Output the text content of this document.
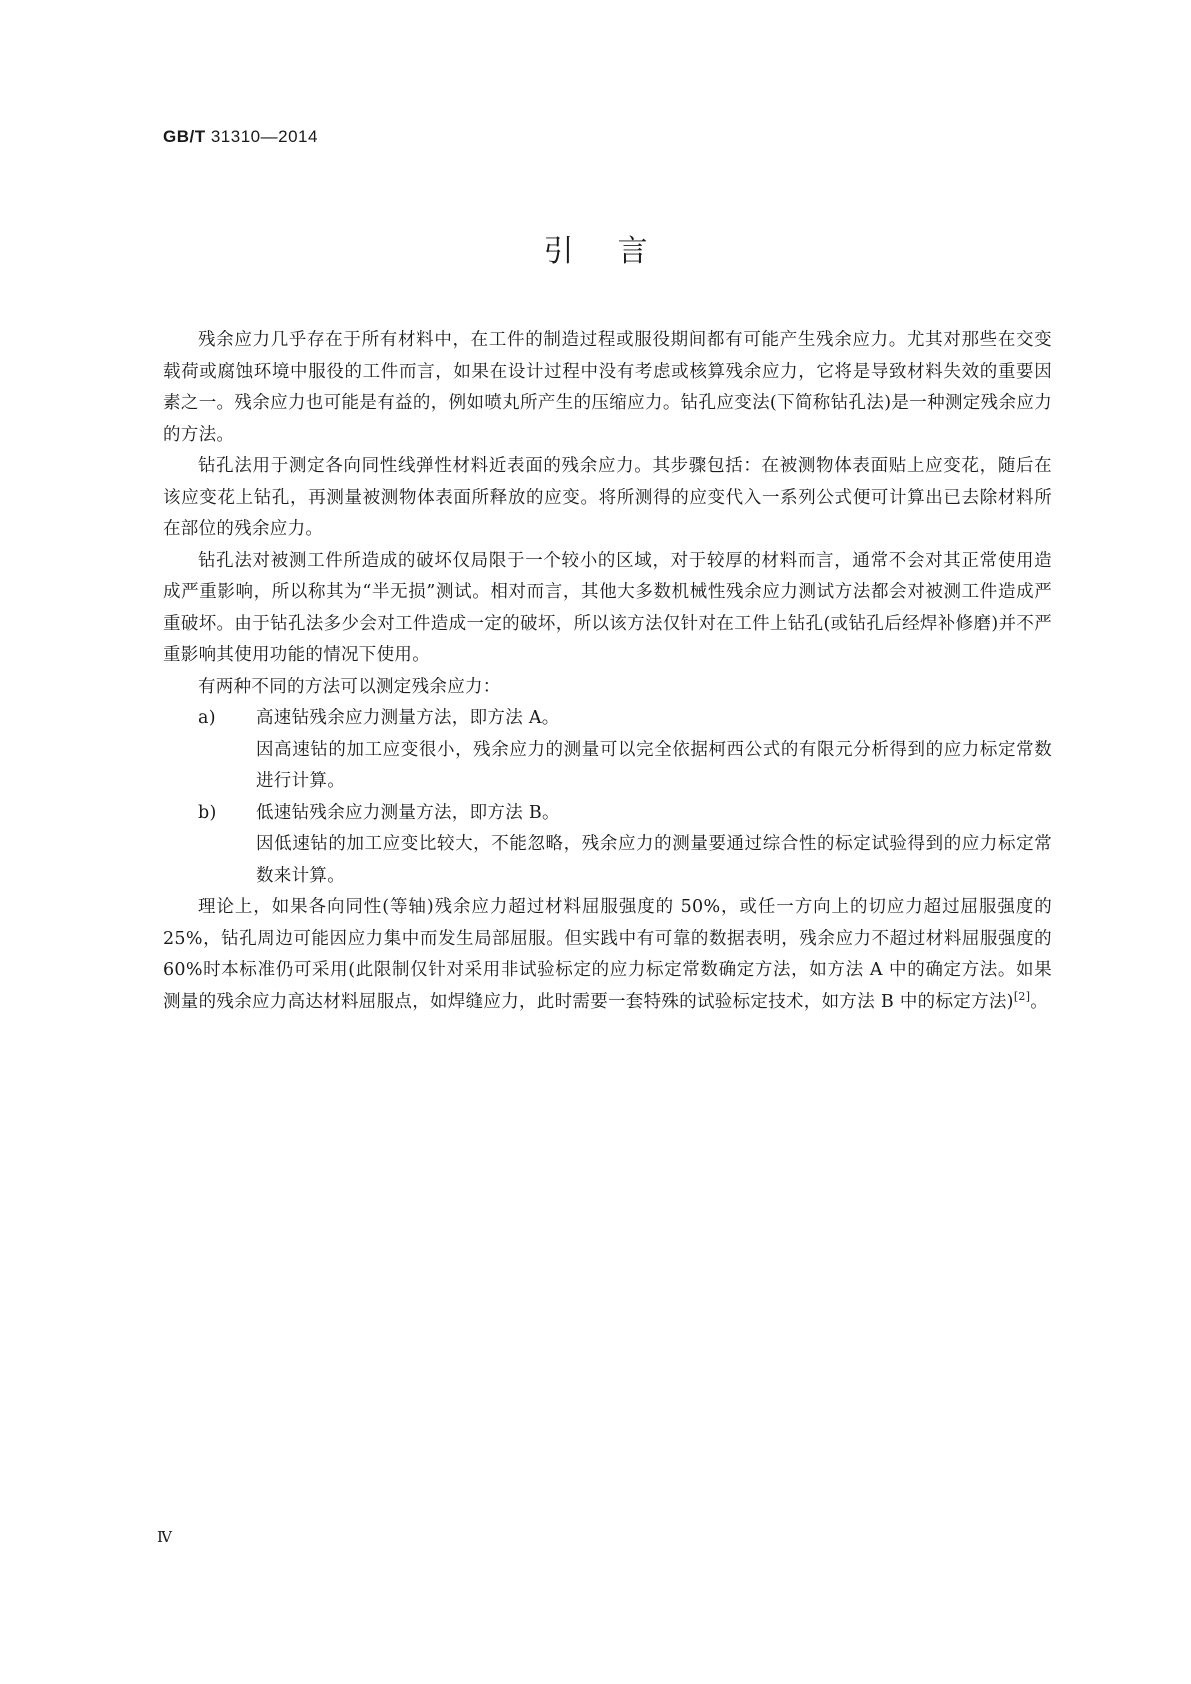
GB/T 31310—2014
引言

残余应力几乎存在于所有材料中，在工件的制造过程或服役期间都有可能产生残余应力。尤其对那些在交变载荷或腐蚀环境中服役的工件而言，如果在设计过程中没有考虑或核算残余应力，它将是导致材料失效的重要因素之一。残余应力也可能是有益的，例如喷丸所产生的压缩应力。钻孔应变法(下简称钻孔法)是一种测定残余应力的方法。

钻孔法用于测定各向同性线弹性材料近表面的残余应力。其步骤包括：在被测物体表面贴上应变花，随后在该应变花上钻孔，再测量被测物体表面所释放的应变。将所测得的应变代入一系列公式便可计算出已去除材料所在部位的残余应力。

钻孔法对被测工件所造成的破坏仅局限于一个较小的区域，对于较厚的材料而言，通常不会对其正常使用造成严重影响，所以称其为“半无损”测试。相对而言，其他大多数机械性残余应力测试方法都会对被测工件造成严重破坏。由于钻孔法多少会对工件造成一定的破坏，所以该方法仅针对在工件上钻孔(或钻孔后经焊补修磨)并不严重影响其使用功能的情况下使用。

有两种不同的方法可以测定残余应力：

a)	高速钻残余应力测量方法，即方法 A。
因高速钻的加工应变很小，残余应力的测量可以完全依据柯西公式的有限元分析得到的应力标定常数进行计算。
b)	低速钻残余应力测量方法，即方法 B。
因低速钻的加工应变比较大，不能忽略，残余应力的测量要通过综合性的标定试验得到的应力标定常数来计算。

理论上，如果各向同性(等轴)残余应力超过材料屈服强度的 50%，或任一方向上的切应力超过屈服强度的 25%，钻孔周边可能因应力集中而发生局部屈服。但实践中有可靠的数据表明，残余应力不超过材料屈服强度的 60%时本标准仍可采用(此限制仅针对采用非试验标定的应力标定常数确定方法，如方法 A 中的确定方法。如果测量的残余应力高达材料屈服点，如焊缝应力，此时需要一套特殊的试验标定技术，如方法 B 中的标定方法)[2]。

Ⅳ
